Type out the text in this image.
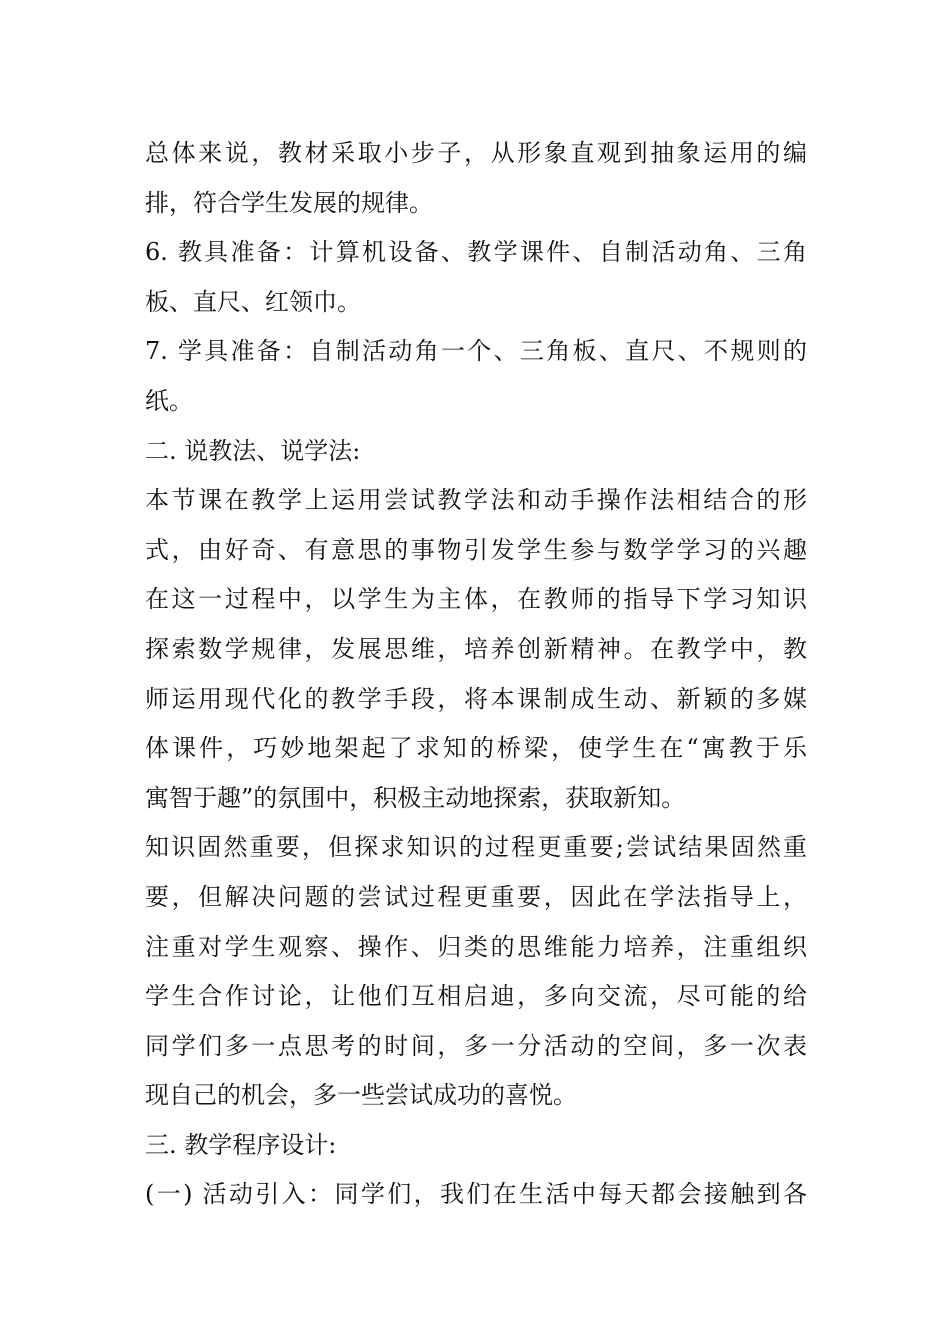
总体来说，教材采取小步子，从形象直观到抽象运用的编
排，符合学生发展的规律。
6. 教具准备：计算机设备、教学课件、自制活动角、三角
板、直尺、红领巾。
7. 学具准备：自制活动角一个、三角板、直尺、不规则的
纸。
二. 说教法、说学法:
本节课在教学上运用尝试教学法和动手操作法相结合的形
式，由好奇、有意思的事物引发学生参与数学学习的兴趣
在这一过程中，以学生为主体，在教师的指导下学习知识
探索数学规律，发展思维，培养创新精神。在教学中，教
师运用现代化的教学手段，将本课制成生动、新颖的多媒
体课件，巧妙地架起了求知的桥梁，使学生在“寓教于乐
寓智于趣”的氛围中，积极主动地探索，获取新知。
知识固然重要，但探求知识的过程更重要;尝试结果固然重
要，但解决问题的尝试过程更重要，因此在学法指导上，
注重对学生观察、操作、归类的思维能力培养，注重组织
学生合作讨论，让他们互相启迪，多向交流，尽可能的给
同学们多一点思考的时间，多一分活动的空间，多一次表
现自己的机会，多一些尝试成功的喜悦。
三. 教学程序设计:
(一) 活动引入：同学们，我们在生活中每天都会接触到各
